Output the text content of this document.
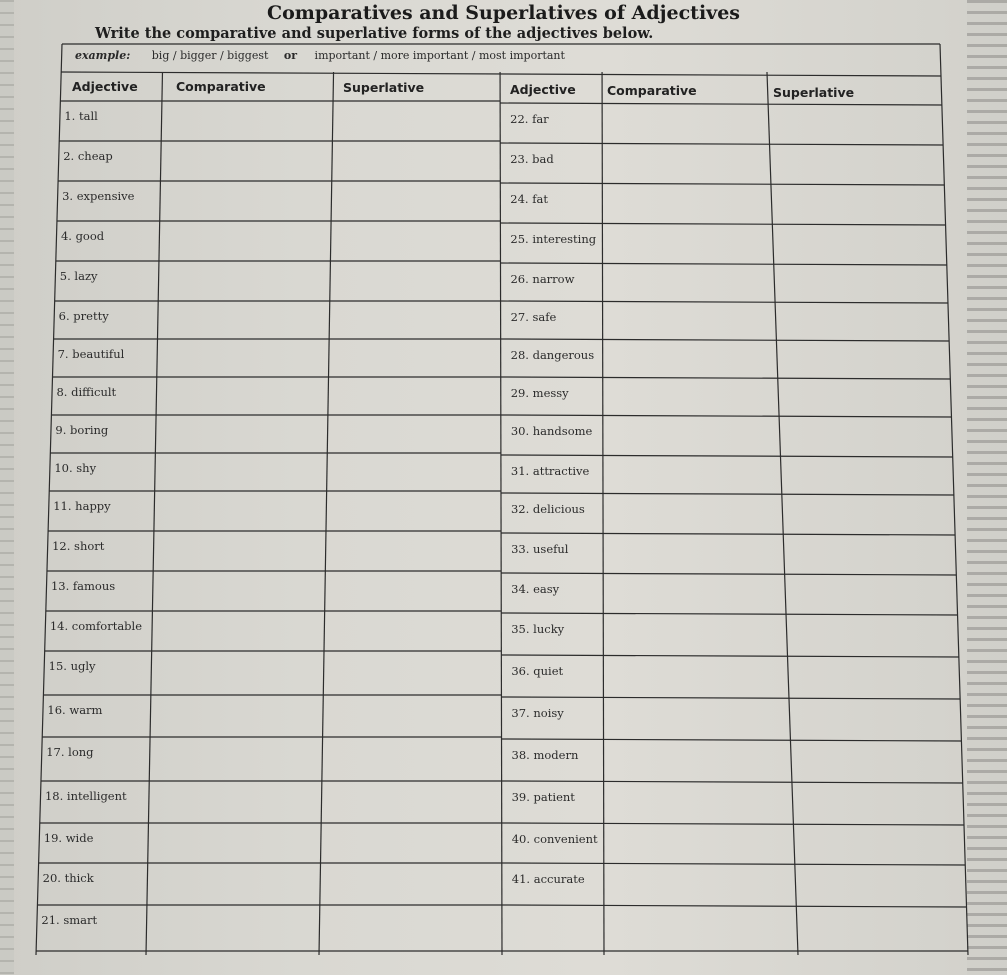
Comparatives and Superlatives of Adjectives
Write the comparative and superlative forms of the adjectives below.
example: big / bigger / biggest or important / more important / most important
Adjective	Comparative	Superlative	Adjective	Comparative	Superlative
1. tall
2. cheap
3. expensive
4. good
5. lazy
6. pretty
7. beautiful
8. difficult
9. boring
10. shy
11. happy
12. short
13. famous
14. comfortable
15. ugly
16. warm
17. long
18. intelligent
19. wide
20. thick
21. smart
22. far
23. bad
24. fat
25. interesting
26. narrow
27. safe
28. dangerous
29. messy
30. handsome
31. attractive
32. delicious
33. useful
34. easy
35. lucky
36. quiet
37. noisy
38. modern
39. patient
40. convenient
41. accurate
